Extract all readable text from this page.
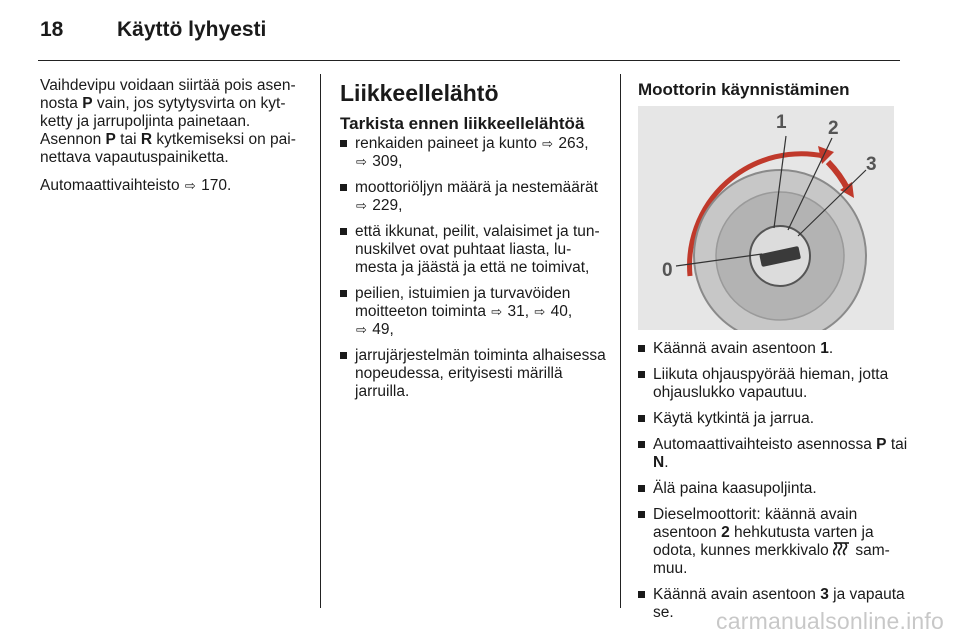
18	Käyttö lyhyesti

Vaihdevipu voidaan siirtää pois asennosta P vain, jos sytytysvirta on kytketty ja jarrupoljinta painetaan. Asennon P tai R kytkemiseksi on painettava vapautuspainiketta.

Automaattivaihteisto ⇨ 170.

Liikkeellelähtö
Tarkista ennen liikkeellelähtöä
renkaiden paineet ja kunto ⇨ 263,
⇨ 309,
moottoriöljyn määrä ja nestemäärät
⇨ 229,
että ikkunat, peilit, valaisimet ja tunnuskilvet ovat puhtaat liasta, lumesta ja jäästä ja että ne toimivat,
peilien, istuimien ja turvavöiden moitteeton toiminta ⇨ 31, ⇨ 40,
⇨ 49,
jarrujärjestelmän toiminta alhaisessa nopeudessa, erityisesti märillä jarruilla.
Moottorin käynnistäminen
0
1 2
3
Käännä avain asentoon 1.
Liikuta ohjauspyörää hieman, jotta ohjauslukko vapautuu.
Käytä kytkintä ja jarrua.
Automaattivaihteisto asennossa P tai N.
Älä paina kaasupoljinta.
Dieselmoottorit: käännä avain asentoon 2 hehkutusta varten ja odota, kunnes merkkivalo  sammuu.
Käännä avain asentoon 3 ja vapauta se.	carmanualsonline.info
